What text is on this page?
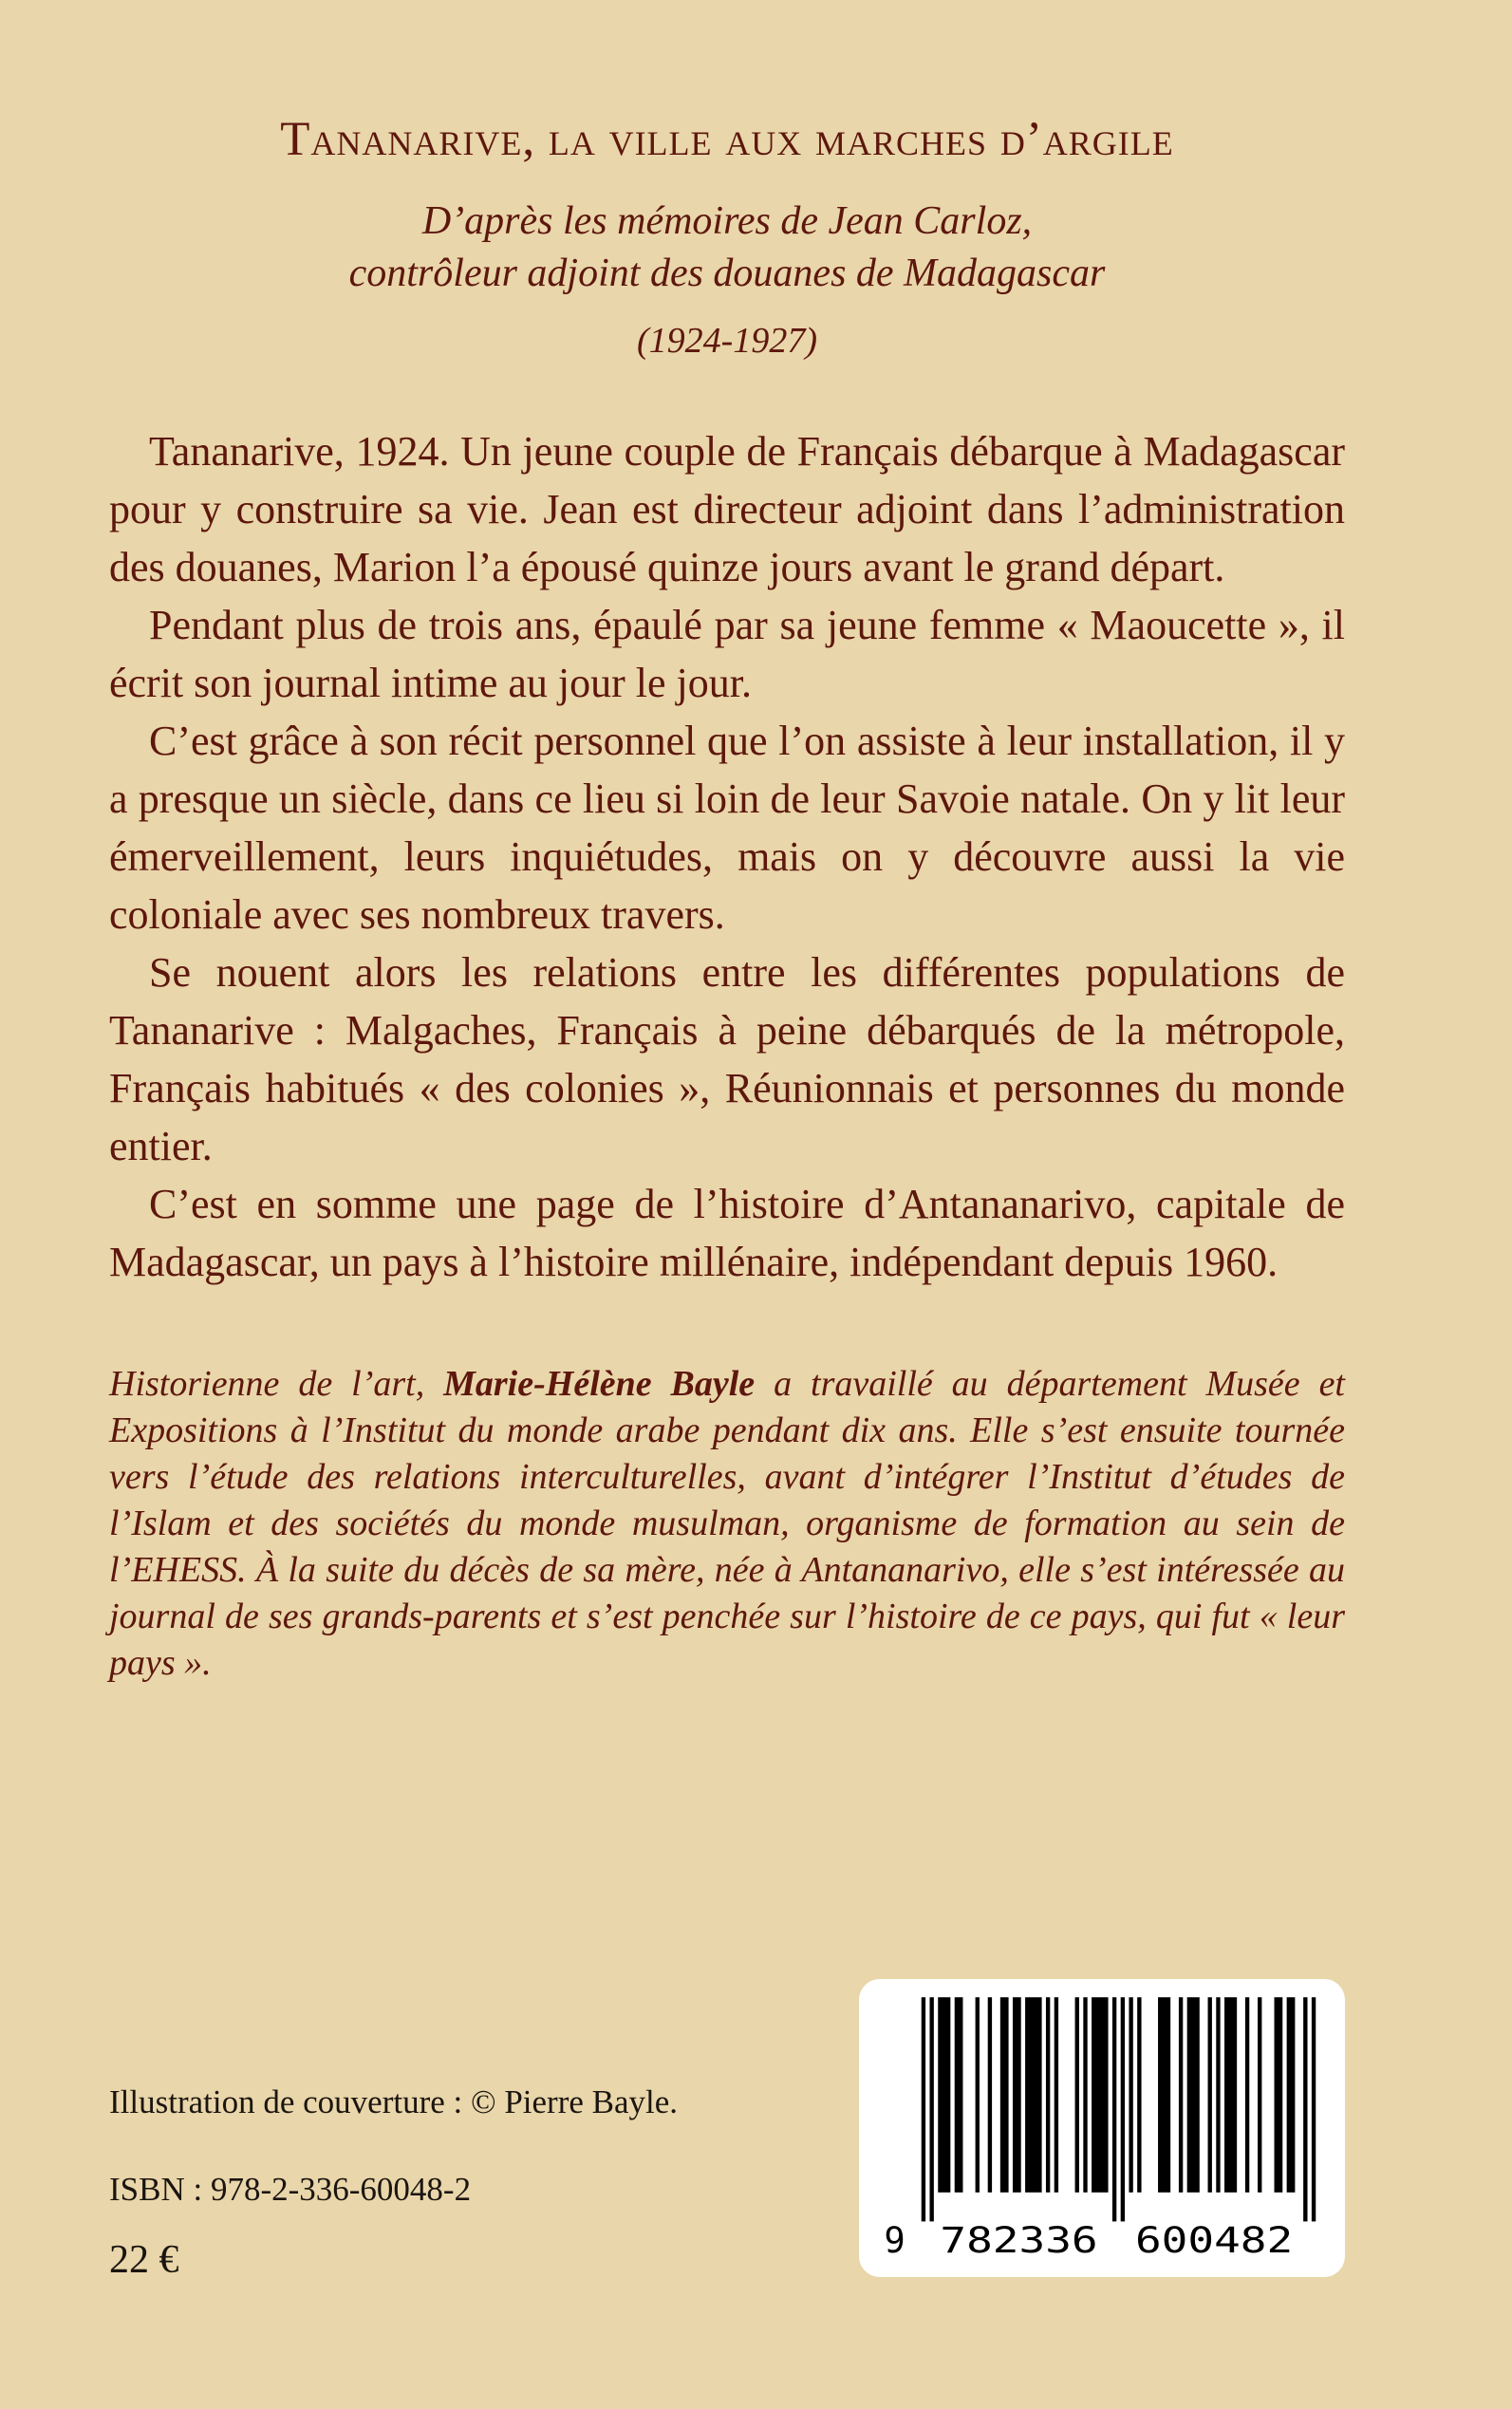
Tananarive, la ville aux marches d’argile
D’après les mémoires de Jean Carloz,
contrôleur adjoint des douanes de Madagascar
(1924-1927)

Tananarive, 1924. Un jeune couple de Français débarque à Madagascar pour y construire sa vie. Jean est directeur adjoint dans l’administration des douanes, Marion l’a épousé quinze jours avant le grand départ.

Pendant plus de trois ans, épaulé par sa jeune femme « Maoucette », il écrit son journal intime au jour le jour.

C’est grâce à son récit personnel que l’on assiste à leur installation, il y a presque un siècle, dans ce lieu si loin de leur Savoie natale. On y lit leur émerveillement, leurs inquiétudes, mais on y découvre aussi la vie coloniale avec ses nombreux travers.

Se nouent alors les relations entre les différentes populations de Tananarive : Malgaches, Français à peine débarqués de la métropole, Français habitués « des colonies », Réunionnais et personnes du monde entier.

C’est en somme une page de l’histoire d’Antananarivo, capitale de Madagascar, un pays à l’histoire millénaire, indépendant depuis 1960.

Historienne de l’art, Marie-Hélène Bayle a travaillé au département Musée et Expositions à l’Institut du monde arabe pendant dix ans. Elle s’est ensuite tournée vers l’étude des relations interculturelles, avant d’intégrer l’Institut d’études de l’Islam et des sociétés du monde musulman, organisme de formation au sein de l’EHESS. À la suite du décès de sa mère, née à Antananarivo, elle s’est intéressée au journal de ses grands-parents et s’est penchée sur l’histoire de ce pays, qui fut « leur pays ».

Illustration de couverture : © Pierre Bayle.
ISBN : 978-2-336-60048-2
22 €	9	782336	600482
